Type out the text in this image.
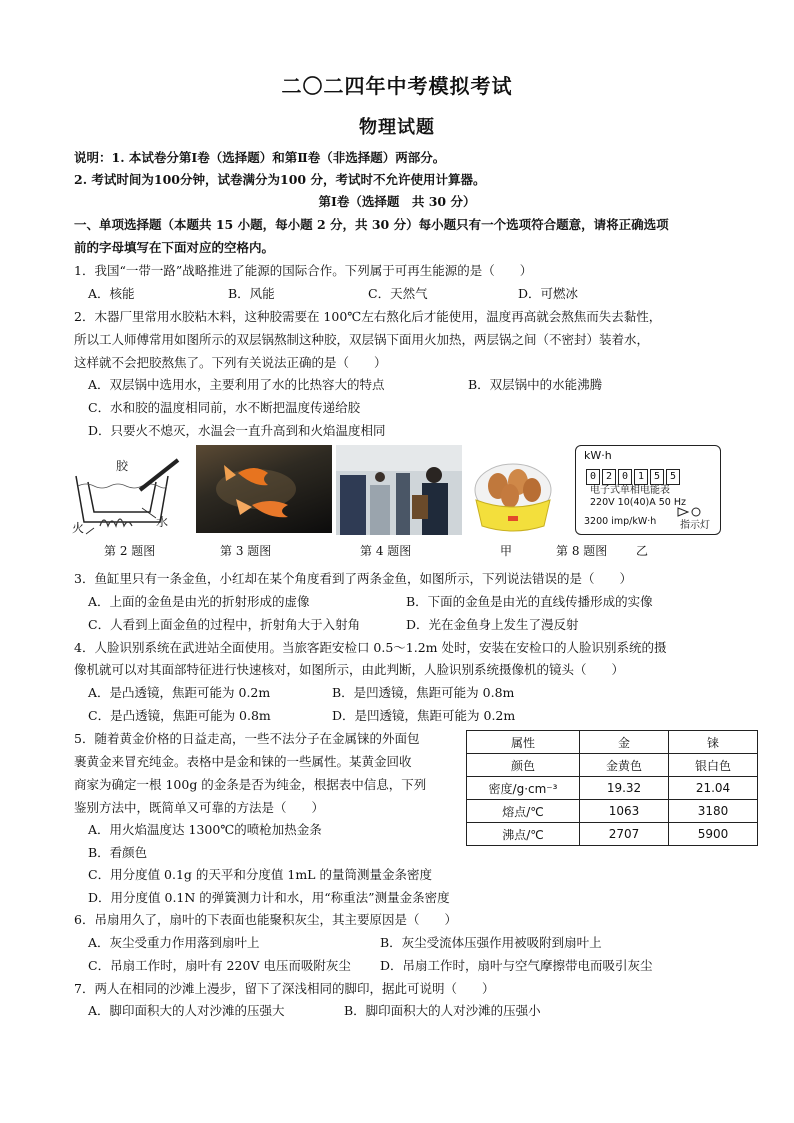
二〇二四年中考模拟考试
物理试题
说明：1. 本试卷分第Ⅰ卷（选择题）和第Ⅱ卷（非选择题）两部分。
2. 考试时间为100分钟，试卷满分为100 分，考试时不允许使用计算器。
第Ⅰ卷（选择题　共 30 分）
一、单项选择题（本题共 15 小题，每小题 2 分，共 30 分）每小题只有一个选项符合题意，请将正确选项
前的字母填写在下面对应的空格内。
1．我国“一带一路”战略推进了能源的国际合作。下列属于可再生能源的是（　　）
A．核能	B．风能	C．天然气	D．可燃冰
2．木器厂里常用水胶粘木料，这种胶需要在 100℃左右熬化后才能使用，温度再高就会熬焦而失去黏性，
所以工人师傅常用如图所示的双层锅熬制这种胶，双层锅下面用火加热，两层锅之间（不密封）装着水，
这样就不会把胶熬焦了。下列有关说法正确的是（　　）
A．双层锅中选用水，主要利用了水的比热容大的特点	B．双层锅中的水能沸腾
C．水和胶的温度相同前，水不断把温度传递给胶
D．只要火不熄灭，水温会一直升高到和火焰温度相同
胶
火	水
kW·h
0 2 0 1 5 5
电子式单相电能表
220V 10(40)A 50 Hz
3200 imp/kW·h 指示灯
第 2 题图	第 3 题图	第 4 题图	甲	第 8 题图 乙
3．鱼缸里只有一条金鱼，小红却在某个角度看到了两条金鱼，如图所示，下列说法错误的是（　　）
A．上面的金鱼是由光的折射形成的虚像	B．下面的金鱼是由光的直线传播形成的实像
C．人看到上面金鱼的过程中，折射角大于入射角	D．光在金鱼身上发生了漫反射
4．人脸识别系统在武进站全面使用。当旅客距安检口 0.5～1.2m 处时，安装在安检口的人脸识别系统的摄
像机就可以对其面部特征进行快速核对，如图所示，由此判断，人脸识别系统摄像机的镜头（　　）
A．是凸透镜，焦距可能为 0.2m	B．是凹透镜，焦距可能为 0.8m
C．是凸透镜，焦距可能为 0.8m	D．是凹透镜，焦距可能为 0.2m
5．随着黄金价格的日益走高，一些不法分子在金属铼的外面包
裹黄金来冒充纯金。表格中是金和铼的一些属性。某黄金回收
商家为确定一根 100g 的金条是否为纯金，根据表中信息，下列
鉴别方法中，既简单又可靠的方法是（　　）
A．用火焰温度达 1300℃的喷枪加热金条
B．看颜色
C．用分度值 0.1g 的天平和分度值 1mL 的量筒测量金条密度
D．用分度值 0.1N 的弹簧测力计和水，用“称重法”测量金条密度
属性	金	铼
颜色	金黄色	银白色
密度/g·cm⁻³	19.32	21.04
熔点/℃	1063	3180
沸点/℃	2707	5900
6．吊扇用久了，扇叶的下表面也能聚积灰尘，其主要原因是（　　）
A．灰尘受重力作用落到扇叶上	B．灰尘受流体压强作用被吸附到扇叶上
C．吊扇工作时，扇叶有 220V 电压而吸附灰尘 D．吊扇工作时，扇叶与空气摩擦带电而吸引灰尘
7．两人在相同的沙滩上漫步，留下了深浅相同的脚印，据此可说明（　　）
A．脚印面积大的人对沙滩的压强大	B．脚印面积大的人对沙滩的压强小
